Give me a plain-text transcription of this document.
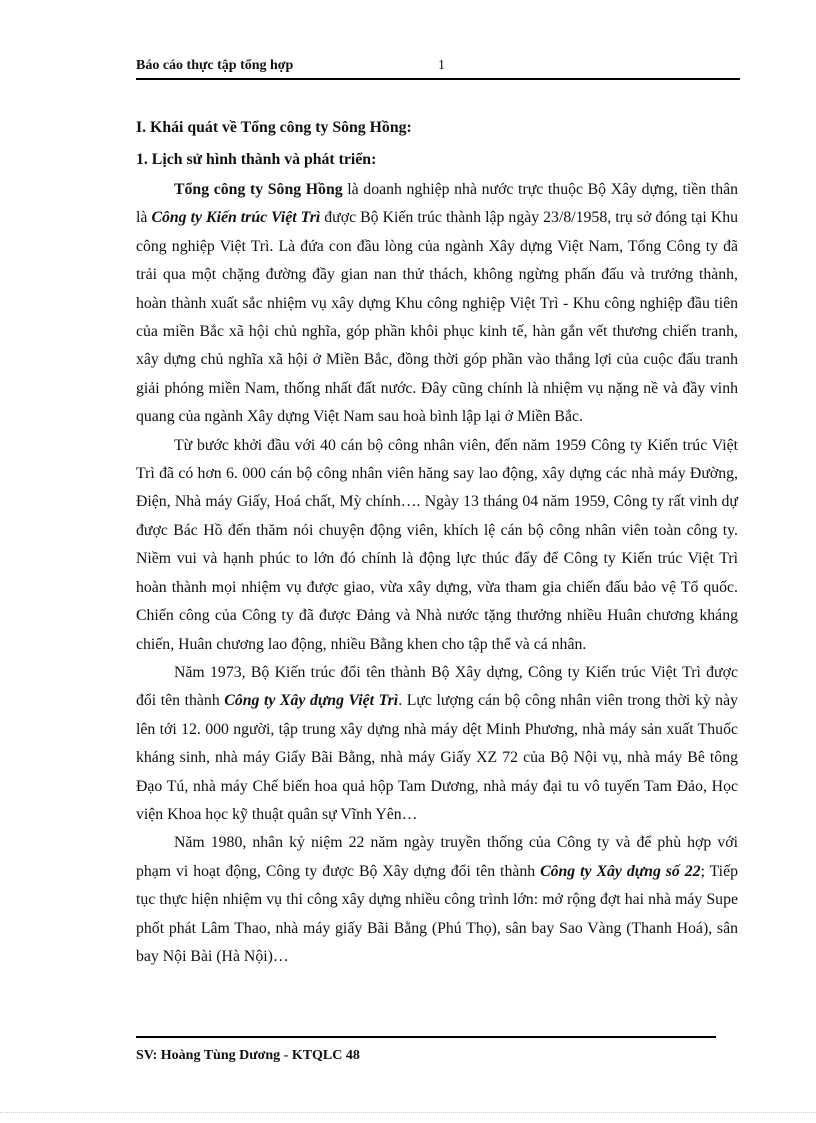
Báo cáo thực tập tổng hợp	1

I. Khái quát về Tổng công ty Sông Hồng:

1. Lịch sử hình thành và phát triển:

Tổng công ty Sông Hồng là doanh nghiệp nhà nước trực thuộc Bộ Xây dựng, tiền thân là Công ty Kiến trúc Việt Trì được Bộ Kiến trúc thành lập ngày 23/8/1958, trụ sở đóng tại Khu công nghiệp Việt Trì. Là đứa con đầu lòng của ngành Xây dựng Việt Nam, Tổng Công ty đã trải qua một chặng đường đầy gian nan thử thách, không ngừng phấn đấu và trưởng thành, hoàn thành xuất sắc nhiệm vụ xây dựng Khu công nghiệp Việt Trì - Khu công nghiệp đầu tiên của miền Bắc xã hội chủ nghĩa, góp phần khôi phục kinh tế, hàn gắn vết thương chiến tranh, xây dựng chủ nghĩa xã hội ở Miền Bắc, đồng thời góp phần vào thắng lợi của cuộc đấu tranh giải phóng miền Nam, thống nhất đất nước. Đây cũng chính là nhiệm vụ nặng nề và đầy vinh quang của ngành Xây dựng Việt Nam sau hoà bình lập lại ở Miền Bắc.

Từ bước khởi đầu với 40 cán bộ công nhân viên, đến năm 1959 Công ty Kiến trúc Việt Trì đã có hơn 6. 000 cán bộ công nhân viên hăng say lao động, xây dựng các nhà máy Đường, Điện, Nhà máy Giấy, Hoá chất, Mỳ chính…. Ngày 13 tháng 04 năm 1959, Công ty rất vinh dự được Bác Hồ đến thăm nói chuyện động viên, khích lệ cán bộ công nhân viên toàn công ty. Niềm vui và hạnh phúc to lớn đó chính là động lực thúc đẩy để Công ty Kiến trúc Việt Trì hoàn thành mọi nhiệm vụ được giao, vừa xây dựng, vừa tham gia chiến đấu bảo vệ Tổ quốc. Chiến công của Công ty đã được Đảng và Nhà nước tặng thưởng nhiều Huân chương kháng chiến, Huân chương lao động, nhiều Bằng khen cho tập thể và cá nhân.

Năm 1973, Bộ Kiến trúc đổi tên thành Bộ Xây dựng, Công ty Kiến trúc Việt Trì được đổi tên thành Công ty Xây dựng Việt Trì. Lực lượng cán bộ công nhân viên trong thời kỳ này lên tới 12. 000 người, tập trung xây dựng nhà máy dệt Minh Phương, nhà máy sản xuất Thuốc kháng sinh, nhà máy Giấy Bãi Bằng, nhà máy Giấy XZ 72 của Bộ Nội vụ, nhà máy Bê tông Đạo Tú, nhà máy Chế biến hoa quả hộp Tam Dương, nhà máy đại tu vô tuyến Tam Đảo, Học viện Khoa học kỹ thuật quân sự Vĩnh Yên…

Năm 1980, nhân kỷ niệm 22 năm ngày truyền thống của Công ty và để phù hợp với phạm vi hoạt động, Công ty được Bộ Xây dựng đổi tên thành Công ty Xây dựng số 22; Tiếp tục thực hiện nhiệm vụ thi công xây dựng nhiều công trình lớn: mở rộng đợt hai nhà máy Supe phốt phát Lâm Thao, nhà máy giấy Bãi Bằng (Phú Thọ), sân bay Sao Vàng (Thanh Hoá), sân bay Nội Bài (Hà Nội)…

SV: Hoàng Tùng Dương - KTQLC 48
